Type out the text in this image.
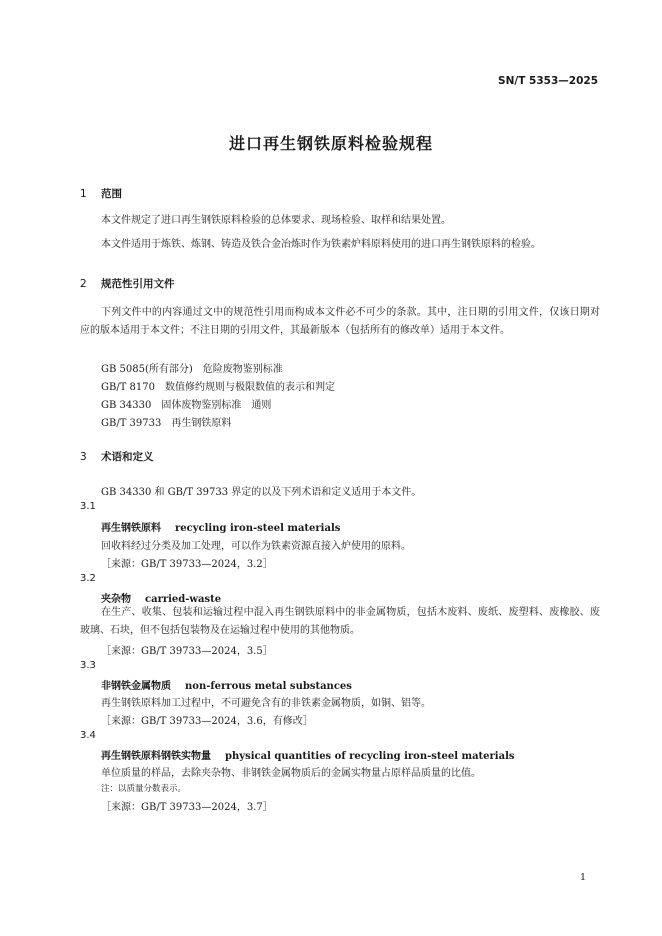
SN/T 5353—2025
进口再生钢铁原料检验规程
1 范围
本文件规定了进口再生钢铁原料检验的总体要求、现场检验、取样和结果处置。
本文件适用于炼铁、炼钢、铸造及铁合金冶炼时作为铁素炉料原料使用的进口再生钢铁原料的检验。
2 规范性引用文件
下列文件中的内容通过文中的规范性引用而构成本文件必不可少的条款。其中，注日期的引用文件，仅该日期对应的版本适用于本文件；不注日期的引用文件，其最新版本（包括所有的修改单）适用于本文件。
GB 5085(所有部分)　危险废物鉴别标准
GB/T 8170　数值修约规则与极限数值的表示和判定
GB 34330　固体废物鉴别标准　通则
GB/T 39733　再生钢铁原料
3 术语和定义
GB 34330 和 GB/T 39733 界定的以及下列术语和定义适用于本文件。
3.1
再生钢铁原料 recycling iron-steel materials
回收料经过分类及加工处理，可以作为铁素资源直接入炉使用的原料。
［来源：GB/T 39733—2024，3.2］
3.2
夹杂物 carried-waste
在生产、收集、包装和运输过程中混入再生钢铁原料中的非金属物质，包括木废料、废纸、废塑料、废橡胶、废玻璃、石块，但不包括包装物及在运输过程中使用的其他物质。
［来源：GB/T 39733—2024，3.5］
3.3
非钢铁金属物质 non-ferrous metal substances
再生钢铁原料加工过程中，不可避免含有的非铁素金属物质，如铜、铝等。
［来源：GB/T 39733—2024，3.6，有修改］
3.4
再生钢铁原料钢铁实物量 physical quantities of recycling iron-steel materials
单位质量的样品，去除夹杂物、非钢铁金属物质后的金属实物量占原样品质量的比值。
注：以质量分数表示。
［来源：GB/T 39733—2024，3.7］
1
